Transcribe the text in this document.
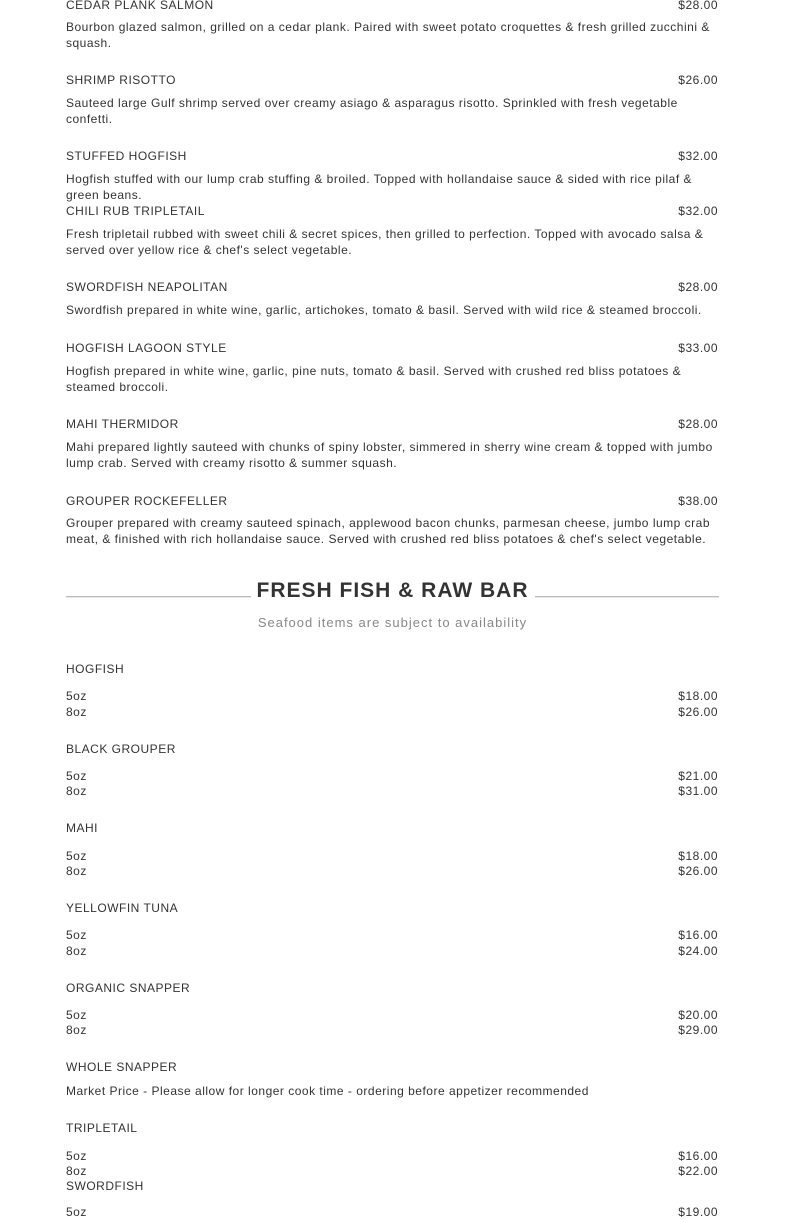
CEDAR PLANK SALMON	$28.00
Bourbon glazed salmon, grilled on a cedar plank. Paired with sweet potato croquettes & fresh grilled zucchini & squash.
SHRIMP RISOTTO	$26.00
Sauteed large Gulf shrimp served over creamy asiago & asparagus risotto. Sprinkled with fresh vegetable confetti.
STUFFED HOGFISH	$32.00
Hogfish stuffed with our lump crab stuffing & broiled. Topped with hollandaise sauce & sided with rice pilaf & green beans.
CHILI RUB TRIPLETAIL	$32.00
Fresh tripletail rubbed with sweet chili & secret spices, then grilled to perfection. Topped with avocado salsa & served over yellow rice & chef's select vegetable.
SWORDFISH NEAPOLITAN	$28.00
Swordfish prepared in white wine, garlic, artichokes, tomato & basil. Served with wild rice & steamed broccoli.
HOGFISH LAGOON STYLE	$33.00
Hogfish prepared in white wine, garlic, pine nuts, tomato & basil. Served with crushed red bliss potatoes & steamed broccoli.
MAHI THERMIDOR	$28.00
Mahi prepared lightly sauteed with chunks of spiny lobster, simmered in sherry wine cream & topped with jumbo lump crab. Served with creamy risotto & summer squash.
GROUPER ROCKEFELLER	$38.00
Grouper prepared with creamy sauteed spinach, applewood bacon chunks, parmesan cheese, jumbo lump crab meat, & finished with rich hollandaise sauce. Served with crushed red bliss potatoes & chef's select vegetable.
FRESH FISH & RAW BAR
Seafood items are subject to availability
HOGFISH
5oz	$18.00
8oz	$26.00
BLACK GROUPER
5oz	$21.00
8oz	$31.00
MAHI
5oz	$18.00
8oz	$26.00
YELLOWFIN TUNA
5oz	$16.00
8oz	$24.00
ORGANIC SNAPPER
5oz	$20.00
8oz	$29.00
WHOLE SNAPPER
Market Price - Please allow for longer cook time - ordering before appetizer recommended
TRIPLETAIL
5oz	$16.00
8oz	$22.00
SWORDFISH
5oz	$19.00
